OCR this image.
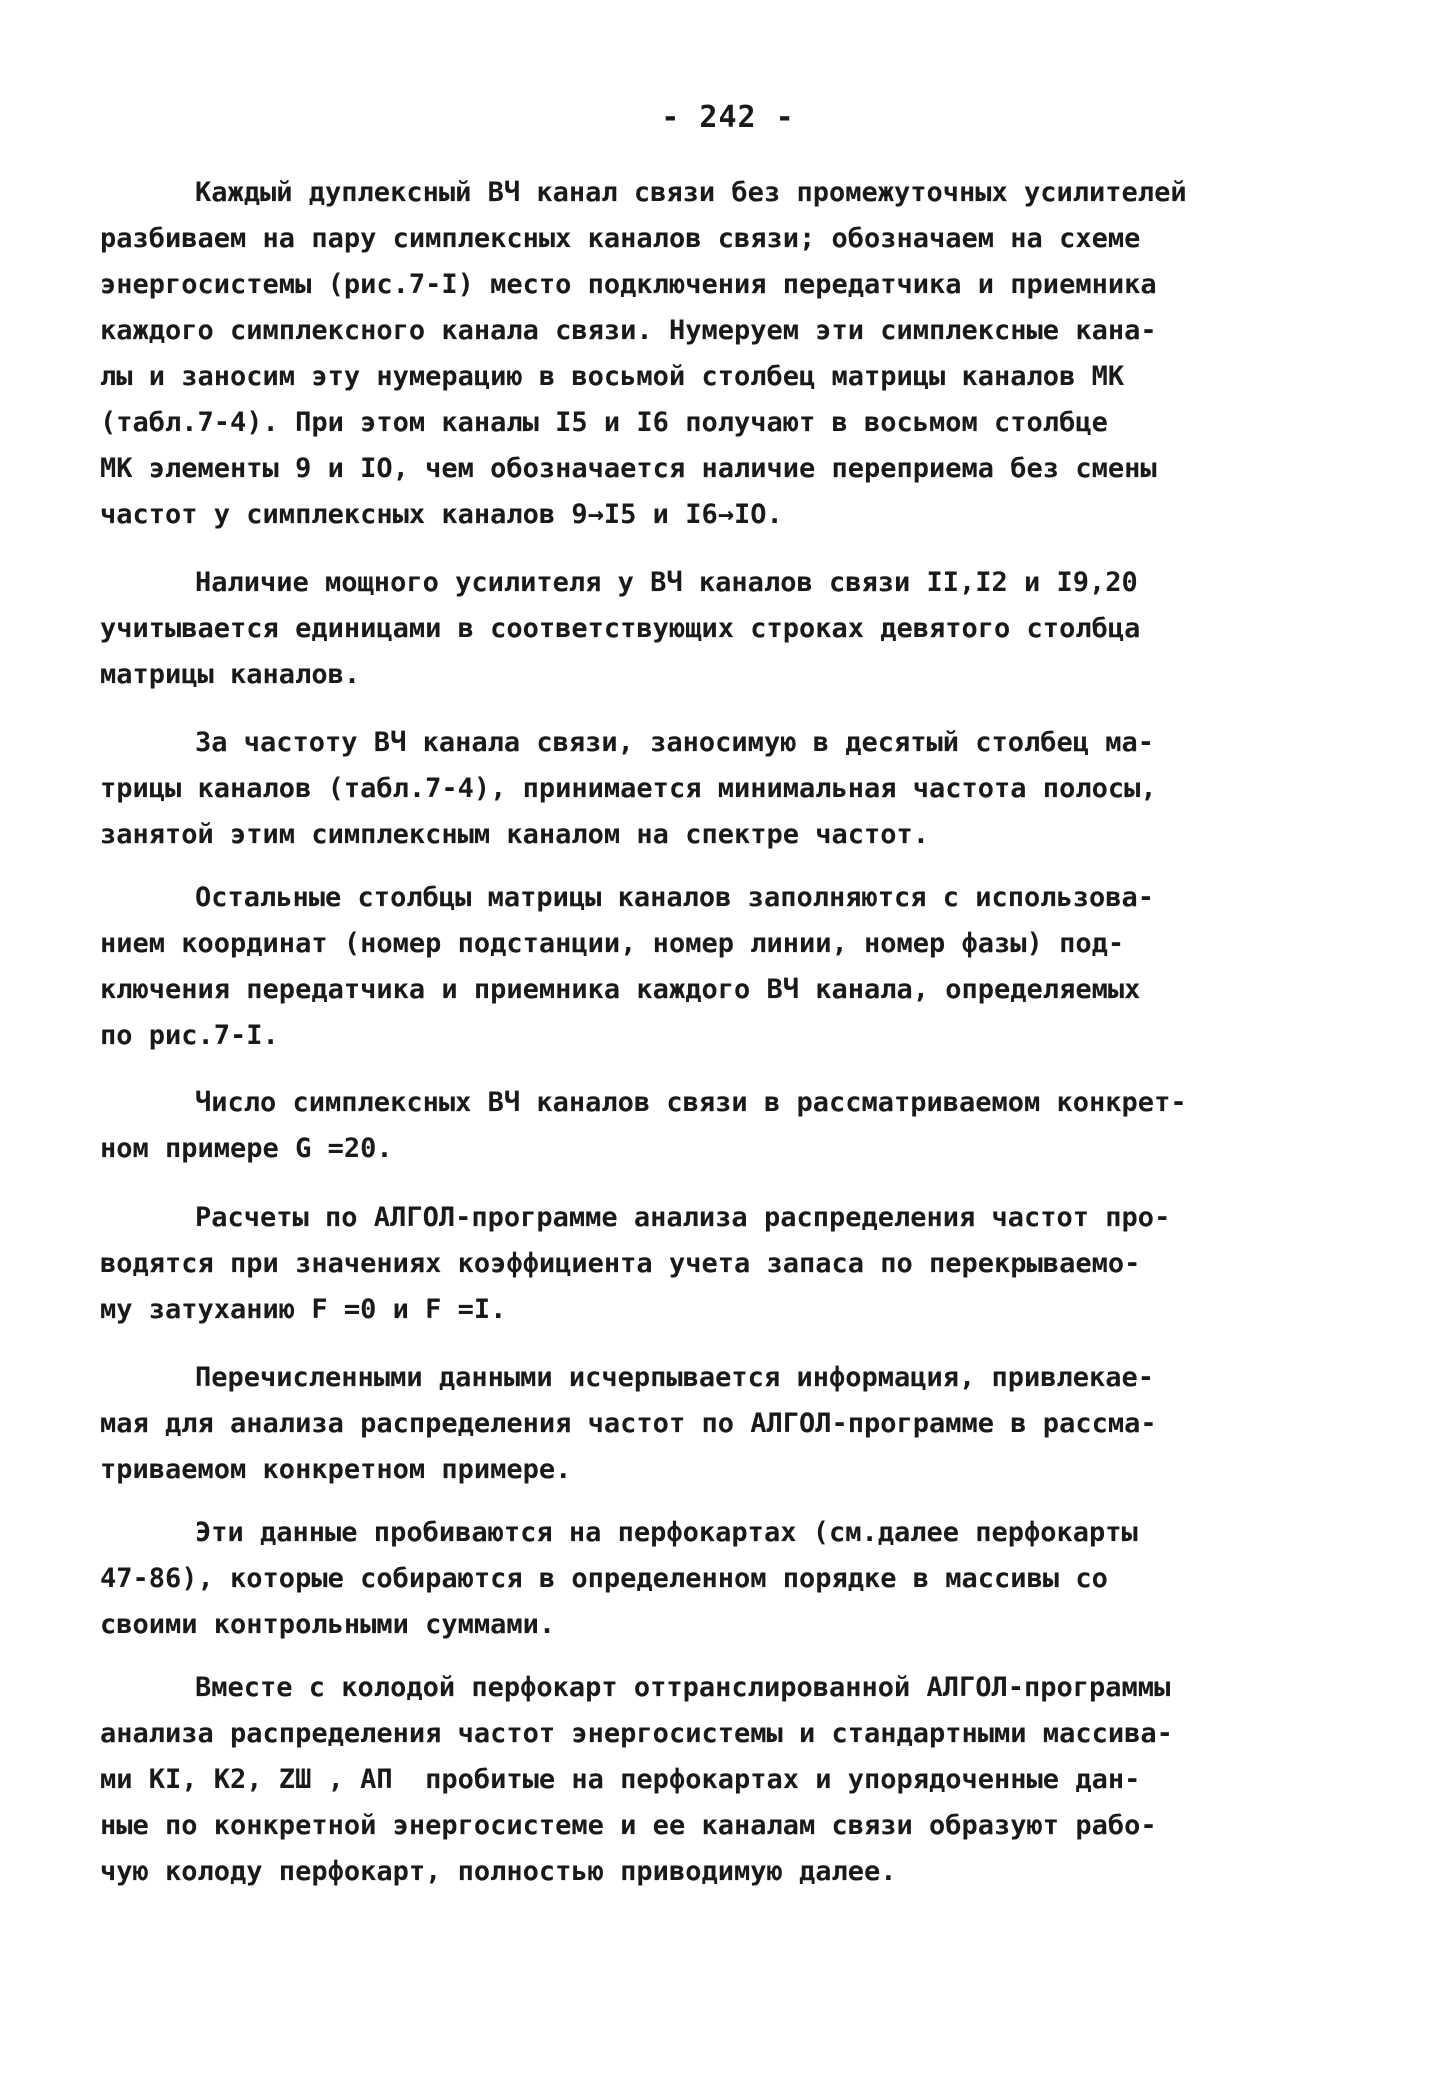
- 242 -
Каждый дуплексный ВЧ канал связи без промежуточных усилителей
разбиваем на пару симплексных каналов связи; обозначаем на схеме
энергосистемы (рис.7-I) место подключения передатчика и приемника
каждого симплексного канала связи. Нумеруем эти симплексные кана-
лы и заносим эту нумерацию в восьмой столбец матрицы каналов МК
(табл.7-4). При этом каналы I5 и I6 получают в восьмом столбце
МК элементы 9 и IO, чем обозначается наличие переприема без смены
частот у симплексных каналов 9→I5 и I6→IO.
Наличие мощного усилителя у ВЧ каналов связи II,I2 и I9,20
учитывается единицами в соответствующих строках девятого столбца
матрицы каналов.
За частоту ВЧ канала связи, заносимую в десятый столбец ма-
трицы каналов (табл.7-4), принимается минимальная частота полосы,
занятой этим симплексным каналом на спектре частот.
Остальные столбцы матрицы каналов заполняются с использова-
нием координат (номер подстанции, номер линии, номер фазы) под-
ключения передатчика и приемника каждого ВЧ канала, определяемых
по рис.7-I.
Число симплексных ВЧ каналов связи в рассматриваемом конкрет-
ном примере G =20.
Расчеты по АЛГОЛ-программе анализа распределения частот про-
водятся при значениях коэффициента учета запаса по перекрываемо-
му затуханию F =0 и F =I.
Перечисленными данными исчерпывается информация, привлекае-
мая для анализа распределения частот по АЛГОЛ-программе в рассма-
триваемом конкретном примере.
Эти данные пробиваются на перфокартах (см.далее перфокарты
47-86), которые собираются в определенном порядке в массивы со
своими контрольными суммами.
Вместе с колодой перфокарт оттранслированной АЛГОЛ-программы
анализа распределения частот энергосистемы и стандартными массива-
ми KI, К2, ZШ , АП  пробитые на перфокартах и упорядоченные дан-
ные по конкретной энергосистеме и ее каналам связи образуют рабо-
чую колоду перфокарт, полностью приводимую далее.
